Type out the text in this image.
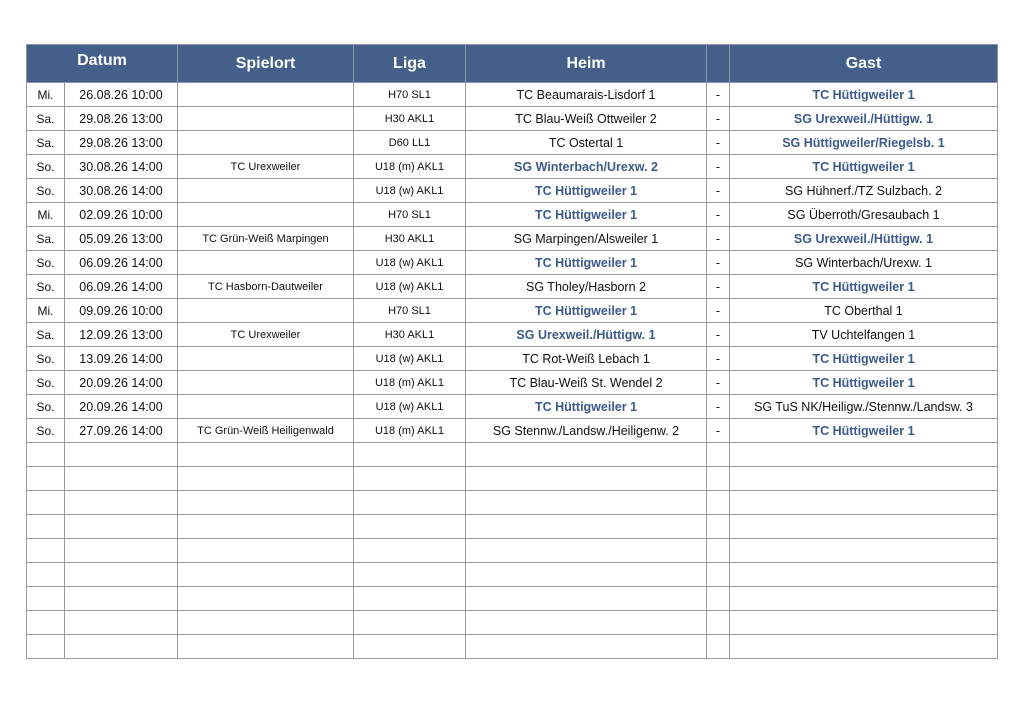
Datum		Spielort	Liga	Heim		Gast
Mi.	26.08.26 10:00		H70 SL1	TC Beaumarais-Lisdorf 1	-	TC Hüttigweiler 1
Sa.	29.08.26 13:00		H30 AKL1	TC Blau-Weiß Ottweiler 2	-	SG Urexweil./Hüttigw. 1
Sa.	29.08.26 13:00		D60 LL1	TC Ostertal 1	-	SG Hüttigweiler/Riegelsb. 1
So.	30.08.26 14:00	TC Urexweiler	U18 (m) AKL1	SG Winterbach/Urexw. 2	-	TC Hüttigweiler 1
So.	30.08.26 14:00		U18 (w) AKL1	TC Hüttigweiler 1	-	SG Hühnerf./TZ Sulzbach. 2
Mi.	02.09.26 10:00		H70 SL1	TC Hüttigweiler 1	-	SG Überroth/Gresaubach 1
Sa.	05.09.26 13:00	TC Grün-Weiß Marpingen	H30 AKL1	SG Marpingen/Alsweiler 1	-	SG Urexweil./Hüttigw. 1
So.	06.09.26 14:00		U18 (w) AKL1	TC Hüttigweiler 1	-	SG Winterbach/Urexw. 1
So.	06.09.26 14:00	TC Hasborn-Dautweiler	U18 (w) AKL1	SG Tholey/Hasborn 2	-	TC Hüttigweiler 1
Mi.	09.09.26 10:00		H70 SL1	TC Hüttigweiler 1	-	TC Oberthal 1
Sa.	12.09.26 13:00	TC Urexweiler	H30 AKL1	SG Urexweil./Hüttigw. 1	-	TV Uchtelfangen 1
So.	13.09.26 14:00		U18 (w) AKL1	TC Rot-Weiß Lebach 1	-	TC Hüttigweiler 1
So.	20.09.26 14:00		U18 (m) AKL1	TC Blau-Weiß St. Wendel 2	-	TC Hüttigweiler 1
So.	20.09.26 14:00		U18 (w) AKL1	TC Hüttigweiler 1	-	SG TuS NK/Heiligw./Stennw./Landsw. 3
So.	27.09.26 14:00	TC Grün-Weiß Heiligenwald	U18 (m) AKL1	SG Stennw./Landsw./Heiligenw. 2	-	TC Hüttigweiler 1
